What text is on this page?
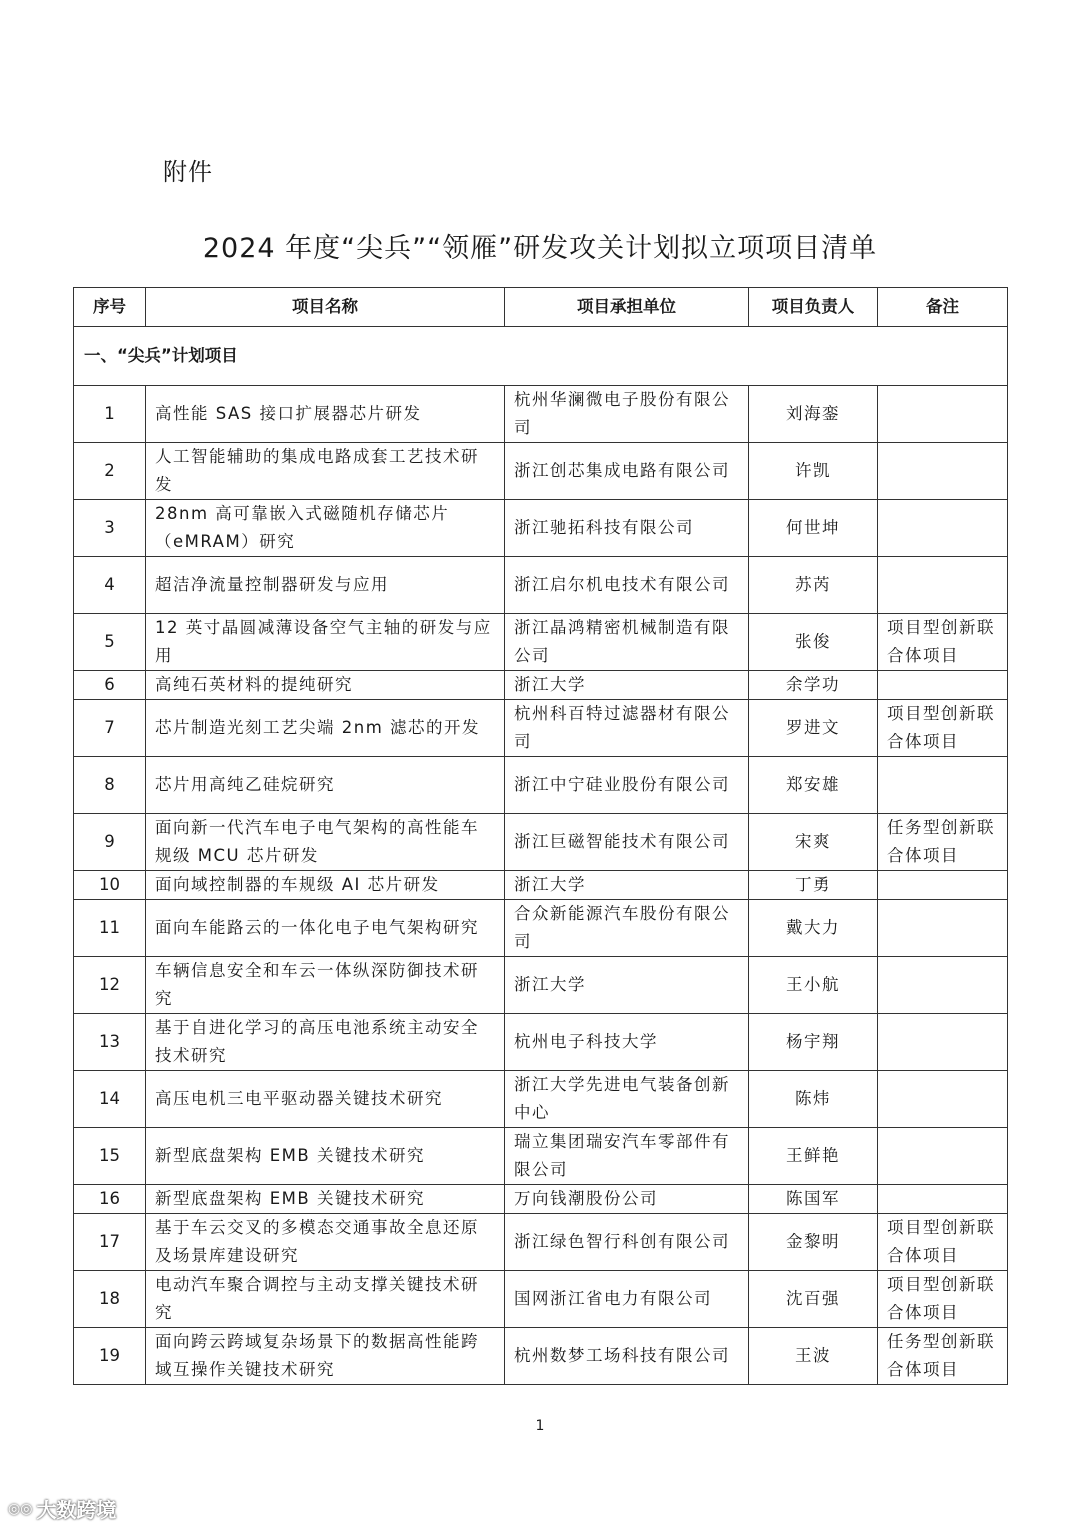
附件
2024 年度“尖兵”“领雁”研发攻关计划拟立项项目清单
序号	项目名称	项目承担单位	项目负责人	备注
一、“尖兵”计划项目				
1	高性能 SAS 接口扩展器芯片研发	杭州华澜微电子股份有限公司	刘海銮	
2	人工智能辅助的集成电路成套工艺技术研发	浙江创芯集成电路有限公司	许凯	
3	28nm 高可靠嵌入式磁随机存储芯片（eMRAM）研究	浙江驰拓科技有限公司	何世坤	
4	超洁净流量控制器研发与应用	浙江启尔机电技术有限公司	苏芮	
5	12 英寸晶圆减薄设备空气主轴的研发与应用	浙江晶鸿精密机械制造有限公司	张俊	项目型创新联合体项目
6	高纯石英材料的提纯研究	浙江大学	余学功	
7	芯片制造光刻工艺尖端 2nm 滤芯的开发	杭州科百特过滤器材有限公司	罗进文	项目型创新联合体项目
8	芯片用高纯乙硅烷研究	浙江中宁硅业股份有限公司	郑安雄	
9	面向新一代汽车电子电气架构的高性能车规级 MCU 芯片研发	浙江巨磁智能技术有限公司	宋爽	任务型创新联合体项目
10	面向域控制器的车规级 AI 芯片研发	浙江大学	丁勇	
11	面向车能路云的一体化电子电气架构研究	合众新能源汽车股份有限公司	戴大力	
12	车辆信息安全和车云一体纵深防御技术研究	浙江大学	王小航	
13	基于自进化学习的高压电池系统主动安全技术研究	杭州电子科技大学	杨宇翔	
14	高压电机三电平驱动器关键技术研究	浙江大学先进电气装备创新中心	陈炜	
15	新型底盘架构 EMB 关键技术研究	瑞立集团瑞安汽车零部件有限公司	王鲜艳	
16	新型底盘架构 EMB 关键技术研究	万向钱潮股份公司	陈国军	
17	基于车云交叉的多模态交通事故全息还原及场景库建设研究	浙江绿色智行科创有限公司	金黎明	项目型创新联合体项目
18	电动汽车聚合调控与主动支撑关键技术研究	国网浙江省电力有限公司	沈百强	项目型创新联合体项目
19	面向跨云跨域复杂场景下的数据高性能跨域互操作关键技术研究	杭州数梦工场科技有限公司	王波	任务型创新联合体项目
1
◎◎ 大数跨境
